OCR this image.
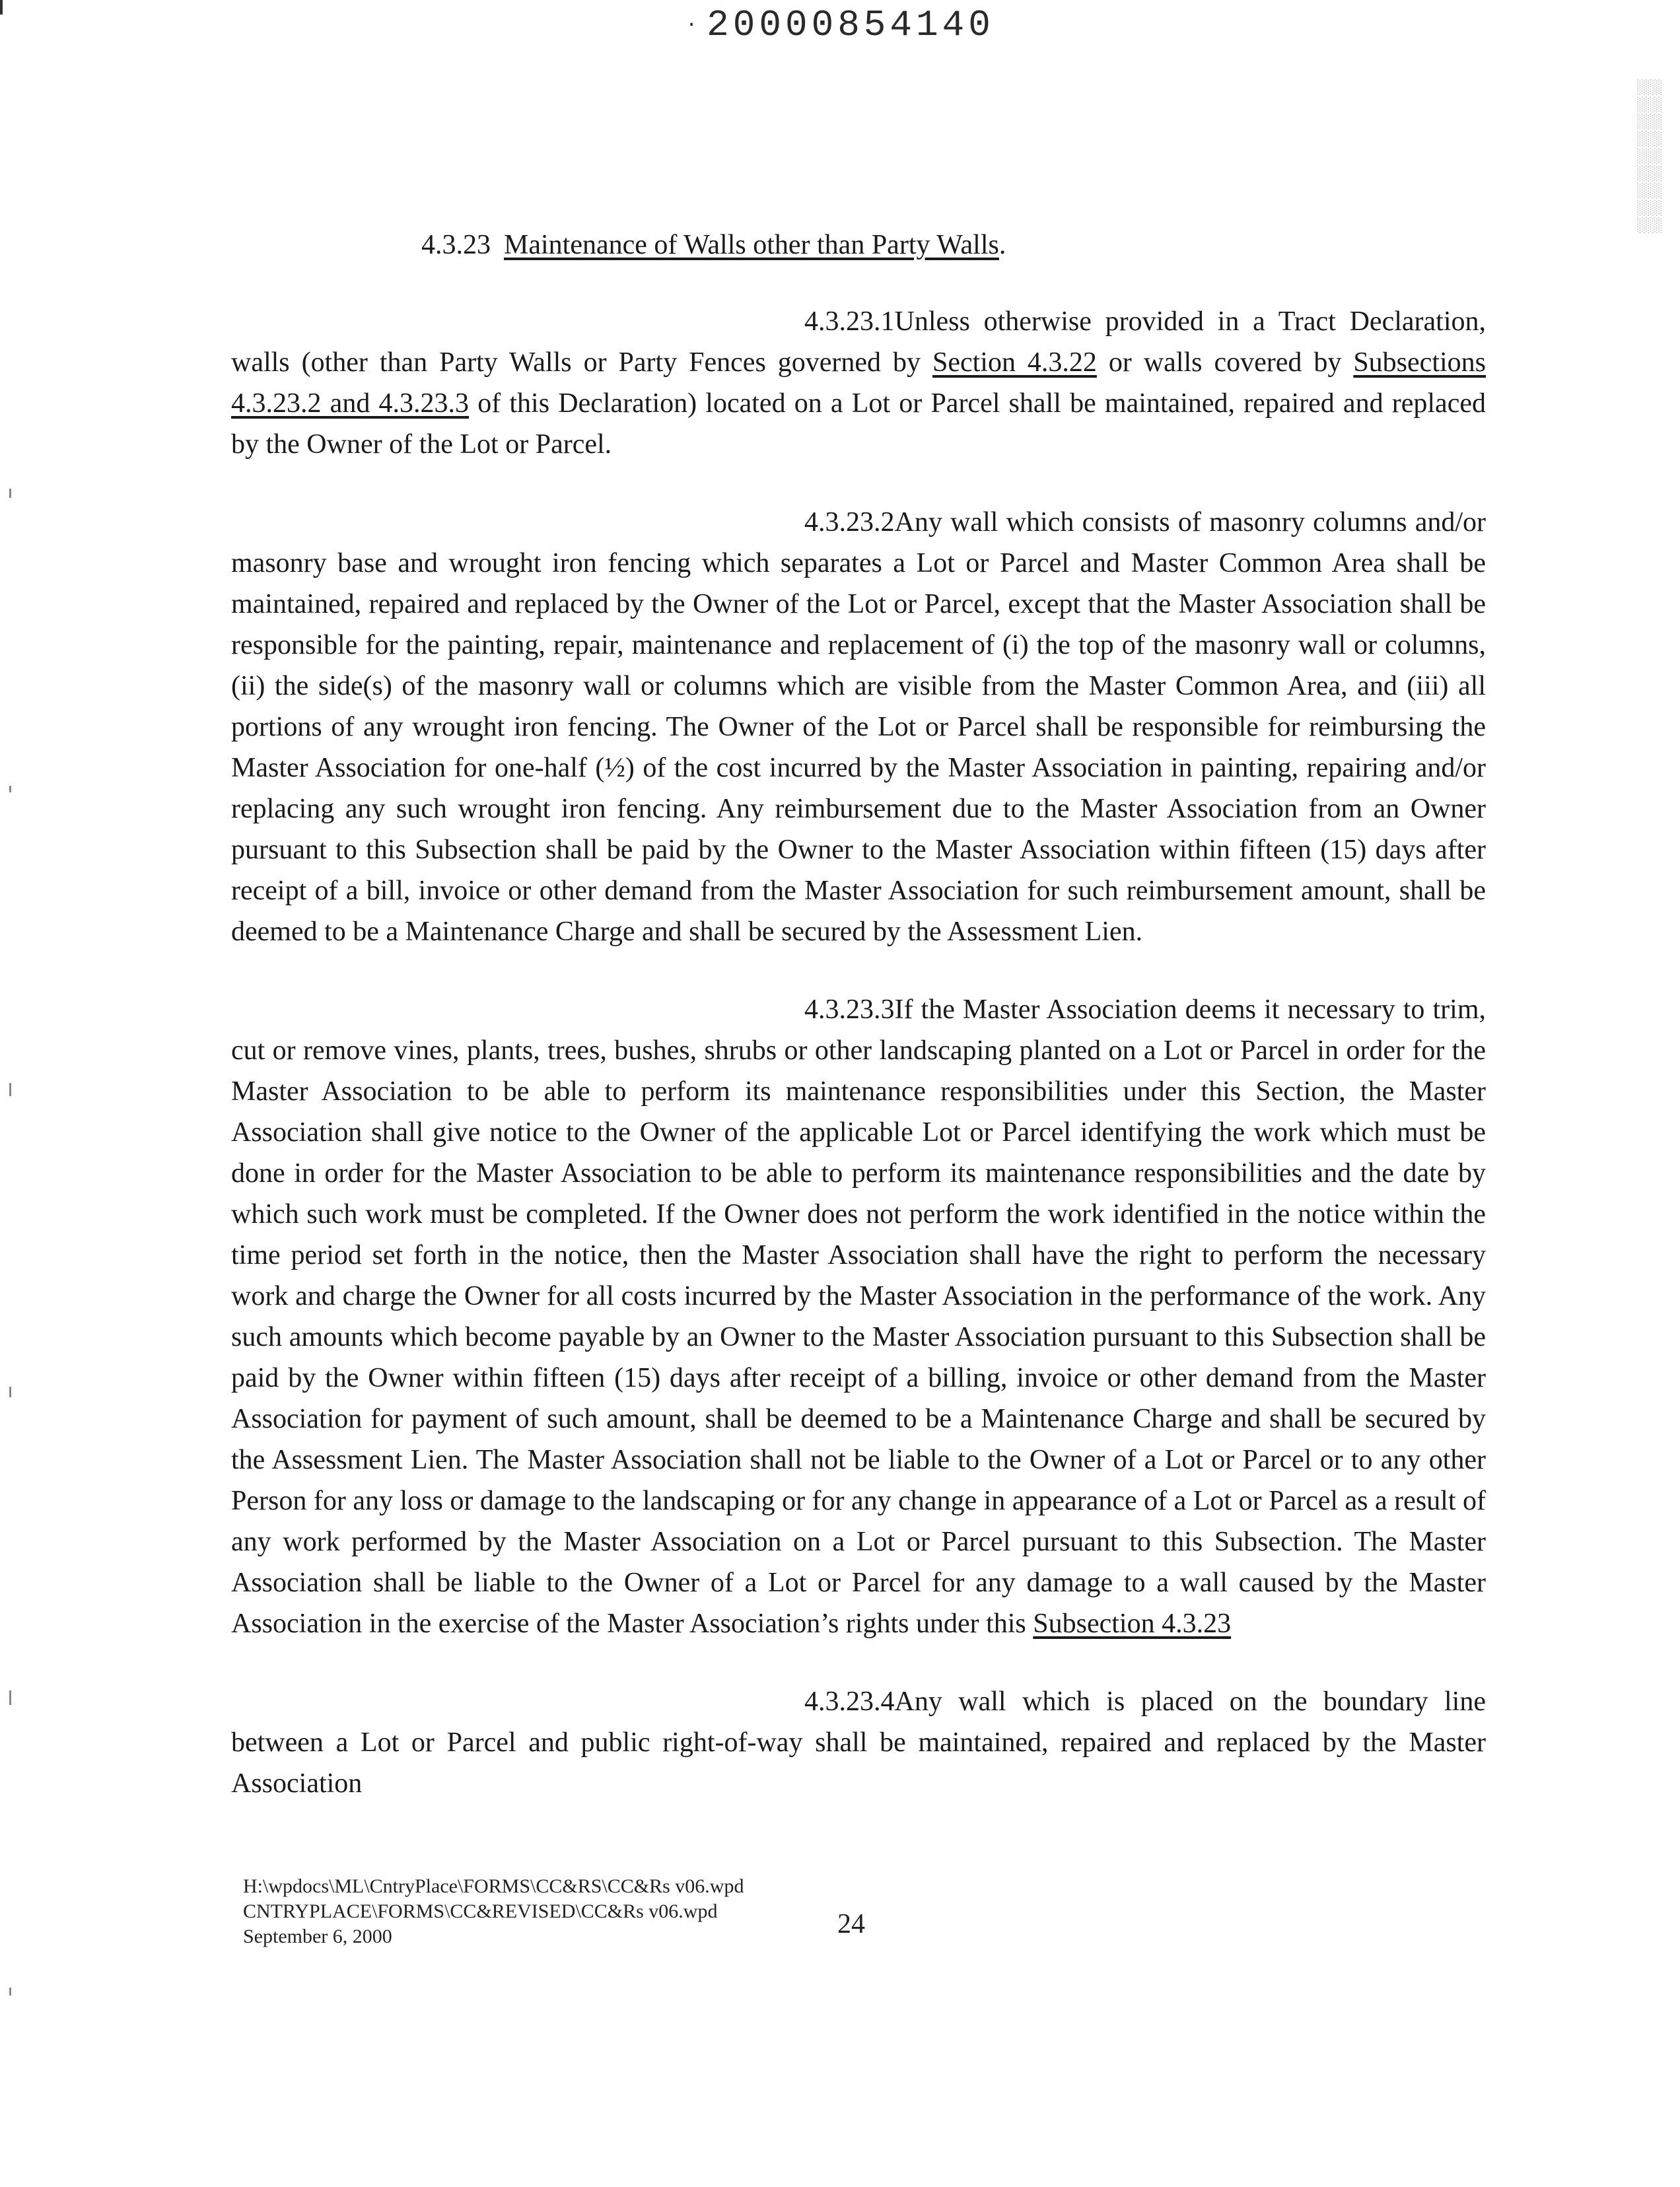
· 20000854140
▒▒▒▒▒▒▒▒▒
4.3.23 Maintenance of Walls other than Party Walls.

4.3.23.1Unless otherwise provided in a Tract Declaration, walls (other than Party Walls or Party Fences governed by Section 4.3.22 or walls covered by Subsections 4.3.23.2 and 4.3.23.3 of this Declaration) located on a Lot or Parcel shall be maintained, repaired and replaced by the Owner of the Lot or Parcel.

4.3.23.2Any wall which consists of masonry columns and/or masonry base and wrought iron fencing which separates a Lot or Parcel and Master Common Area shall be maintained, repaired and replaced by the Owner of the Lot or Parcel, except that the Master Association shall be responsible for the painting, repair, maintenance and replacement of (i) the top of the masonry wall or columns, (ii) the side(s) of the masonry wall or columns which are visible from the Master Common Area, and (iii) all portions of any wrought iron fencing. The Owner of the Lot or Parcel shall be responsible for reimbursing the Master Association for one-half (½) of the cost incurred by the Master Association in painting, repairing and/or replacing any such wrought iron fencing. Any reimbursement due to the Master Association from an Owner pursuant to this Subsection shall be paid by the Owner to the Master Association within fifteen (15) days after receipt of a bill, invoice or other demand from the Master Association for such reimbursement amount, shall be deemed to be a Maintenance Charge and shall be secured by the Assessment Lien.

4.3.23.3If the Master Association deems it necessary to trim, cut or remove vines, plants, trees, bushes, shrubs or other landscaping planted on a Lot or Parcel in order for the Master Association to be able to perform its maintenance responsibilities under this Section, the Master Association shall give notice to the Owner of the applicable Lot or Parcel identifying the work which must be done in order for the Master Association to be able to perform its maintenance responsibilities and the date by which such work must be completed. If the Owner does not perform the work identified in the notice within the time period set forth in the notice, then the Master Association shall have the right to perform the necessary work and charge the Owner for all costs incurred by the Master Association in the performance of the work. Any such amounts which become payable by an Owner to the Master Association pursuant to this Subsection shall be paid by the Owner within fifteen (15) days after receipt of a billing, invoice or other demand from the Master Association for payment of such amount, shall be deemed to be a Maintenance Charge and shall be secured by the Assessment Lien. The Master Association shall not be liable to the Owner of a Lot or Parcel or to any other Person for any loss or damage to the landscaping or for any change in appearance of a Lot or Parcel as a result of any work performed by the Master Association on a Lot or Parcel pursuant to this Subsection. The Master Association shall be liable to the Owner of a Lot or Parcel for any damage to a wall caused by the Master Association in the exercise of the Master Association’s rights under this Subsection 4.3.23

4.3.23.4Any wall which is placed on the boundary line between a Lot or Parcel and public right-of-way shall be maintained, repaired and replaced by the Master Association

H:\wpdocs\ML\CntryPlace\FORMS\CC&RS\CC&Rs v06.wpd
CNTRYPLACE\FORMS\CC&REVISED\CC&Rs v06.wpd
September 6, 2000	24
